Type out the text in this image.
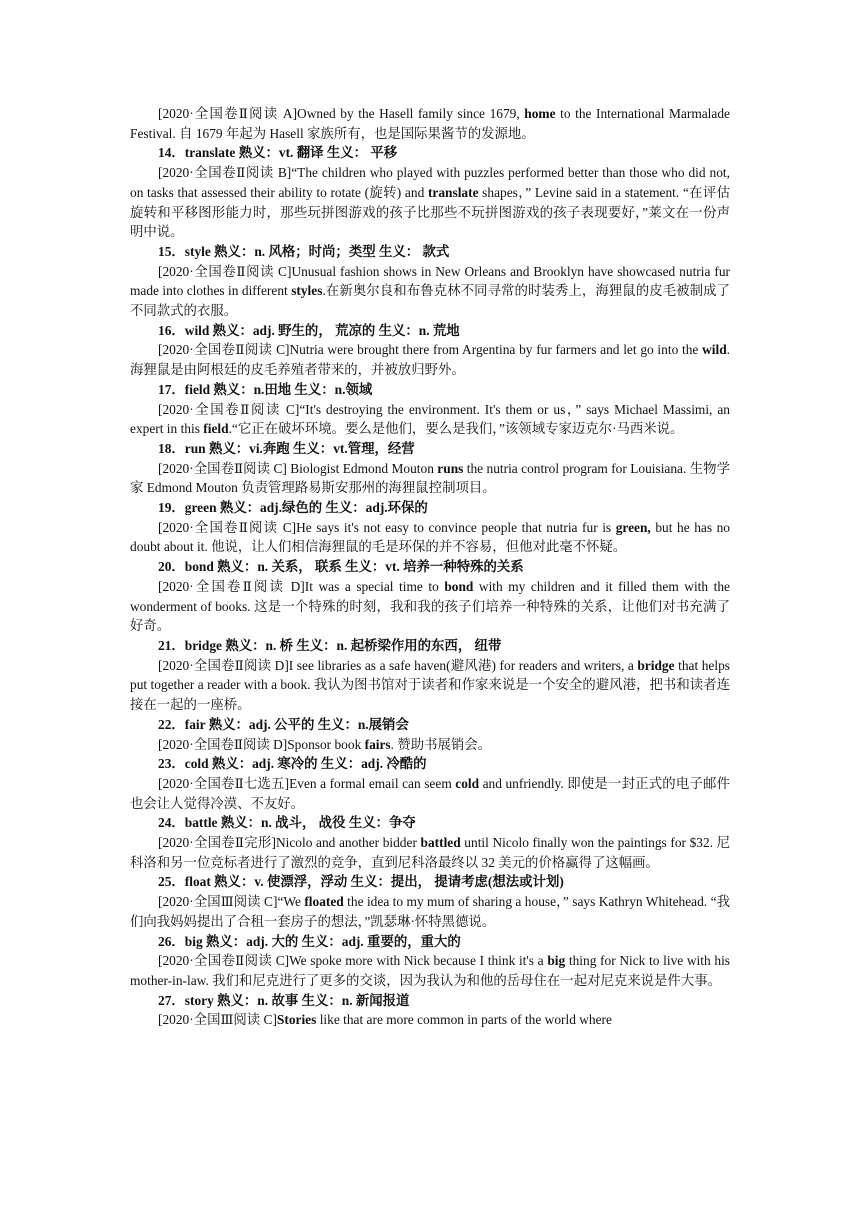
[2020·全国卷Ⅱ阅读 A]Owned by the Hasell family since 1679, home to the International Marmalade Festival. 自 1679 年起为 Hasell 家族所有，也是国际果酱节的发源地。

14．translate 熟义：vt. 翻译 生义： 平移

[2020·全国卷Ⅱ阅读 B]“The children who played with puzzles performed better than those who did not, on tasks that assessed their ability to rotate (旋转) and translate shapes，” Levine said in a statement. “在评估旋转和平移图形能力时，那些玩拼图游戏的孩子比那些不玩拼图游戏的孩子表现要好，”莱文在一份声明中说。

15．style 熟义：n. 风格；时尚；类型 生义： 款式

[2020·全国卷Ⅱ阅读 C]Unusual fashion shows in New Orleans and Brooklyn have showcased nutria fur made into clothes in different styles.在新奥尔良和布鲁克林不同寻常的时装秀上，海狸鼠的皮毛被制成了不同款式的衣服。

16．wild 熟义：adj. 野生的， 荒凉的 生义：n. 荒地

[2020·全国卷Ⅱ阅读 C]Nutria were brought there from Argentina by fur farmers and let go into the wild.海狸鼠是由阿根廷的皮毛养殖者带来的，并被放归野外。

17．field 熟义：n.田地 生义：n.领域

[2020·全国卷Ⅱ阅读 C]“It's destroying the environment. It's them or us，” says Michael Massimi, an expert in this field.“它正在破坏环境。要么是他们，要么是我们，”该领域专家迈克尔·马西米说。

18．run 熟义：vi.奔跑 生义：vt.管理，经营

[2020·全国卷Ⅱ阅读 C] Biologist Edmond Mouton runs the nutria control program for Louisiana. 生物学家 Edmond Mouton 负责管理路易斯安那州的海狸鼠控制项目。

19．green 熟义：adj.绿色的 生义：adj.环保的

[2020·全国卷Ⅱ阅读 C]He says it's not easy to convince people that nutria fur is green, but he has no doubt about it. 他说，让人们相信海狸鼠的毛是环保的并不容易，但他对此毫不怀疑。

20．bond 熟义：n. 关系， 联系 生义：vt. 培养一种特殊的关系

[2020·全国卷Ⅱ阅读 D]It was a special time to bond with my children and it filled them with the wonderment of books. 这是一个特殊的时刻，我和我的孩子们培养一种特殊的关系，让他们对书充满了好奇。

21．bridge 熟义：n. 桥 生义：n. 起桥梁作用的东西， 纽带

[2020·全国卷Ⅱ阅读 D]I see libraries as a safe haven(避风港) for readers and writers, a bridge that helps put together a reader with a book. 我认为图书馆对于读者和作家来说是一个安全的避风港，把书和读者连接在一起的一座桥。

22．fair 熟义：adj. 公平的 生义：n.展销会

[2020·全国卷Ⅱ阅读 D]Sponsor book fairs. 赞助书展销会。

23．cold 熟义：adj. 寒冷的 生义：adj. 冷酷的

[2020·全国卷Ⅱ七选五]Even a formal email can seem cold and unfriendly. 即使是一封正式的电子邮件也会让人觉得冷漠、不友好。

24．battle 熟义：n. 战斗， 战役 生义：争夺

[2020·全国卷Ⅱ完形]Nicolo and another bidder battled until Nicolo finally won the paintings for $32. 尼科洛和另一位竞标者进行了激烈的竞争，直到尼科洛最终以 32 美元的价格赢得了这幅画。

25．float 熟义：v. 使漂浮，浮动 生义：提出， 提请考虑(想法或计划)

[2020·全国Ⅲ阅读 C]“We floated the idea to my mum of sharing a house，” says Kathryn Whitehead. “我们向我妈妈提出了合租一套房子的想法，”凯瑟琳·怀特黑德说。

26．big 熟义：adj. 大的 生义：adj. 重要的，重大的

[2020·全国卷Ⅱ阅读 C]We spoke more with Nick because I think it's a big thing for Nick to live with his mother-in-law. 我们和尼克进行了更多的交谈，因为我认为和他的岳母住在一起对尼克来说是件大事。

27．story 熟义：n. 故事 生义：n. 新闻报道

[2020·全国Ⅲ阅读 C]Stories like that are more common in parts of the world where
